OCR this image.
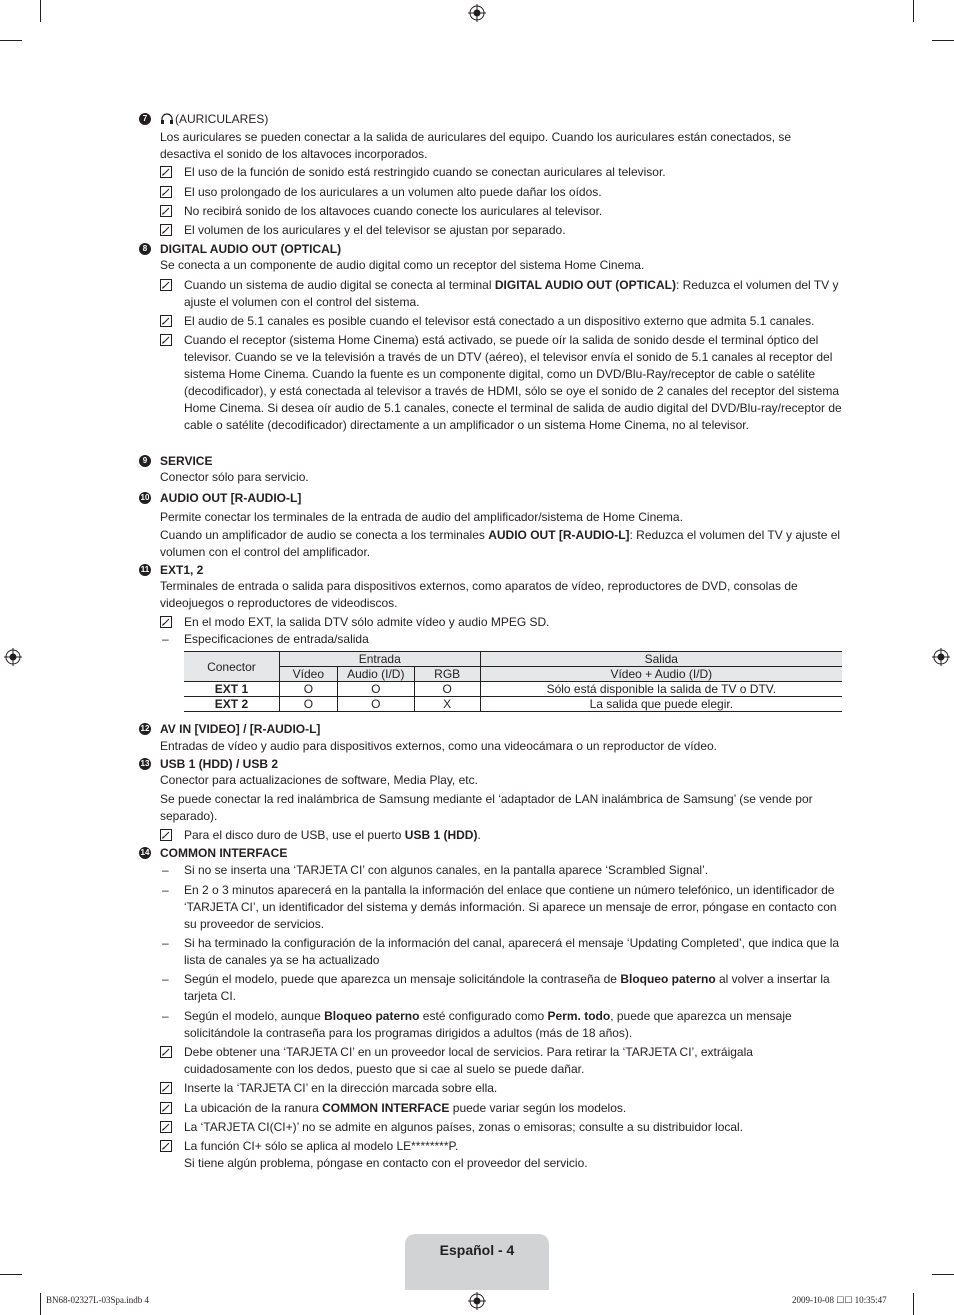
7	(AURICULARES)
Los auriculares se pueden conectar a la salida de auriculares del equipo. Cuando los auriculares están conectados, se desactiva el sonido de los altavoces incorporados.
El uso de la función de sonido está restringido cuando se conectan auriculares al televisor.
El uso prolongado de los auriculares a un volumen alto puede dañar los oídos.
No recibirá sonido de los altavoces cuando conecte los auriculares al televisor.
El volumen de los auriculares y el del televisor se ajustan por separado.
8	DIGITAL AUDIO OUT (OPTICAL)
Se conecta a un componente de audio digital como un receptor del sistema Home Cinema.
Cuando un sistema de audio digital se conecta al terminal DIGITAL AUDIO OUT (OPTICAL): Reduzca el volumen del TV y ajuste el volumen con el control del sistema.
El audio de 5.1 canales es posible cuando el televisor está conectado a un dispositivo externo que admita 5.1 canales.
Cuando el receptor (sistema Home Cinema) está activado, se puede oír la salida de sonido desde el terminal óptico del televisor. Cuando se ve la televisión a través de un DTV (aéreo), el televisor envía el sonido de 5.1 canales al receptor del sistema Home Cinema. Cuando la fuente es un componente digital, como un DVD/Blu-Ray/receptor de cable o satélite (decodificador), y está conectada al televisor a través de HDMI, sólo se oye el sonido de 2 canales del receptor del sistema Home Cinema. Si desea oír audio de 5.1 canales, conecte el terminal de salida de audio digital del DVD/Blu-ray/receptor de cable o satélite (decodificador) directamente a un amplificador o un sistema Home Cinema, no al televisor.
9	SERVICE
Conector sólo para servicio.
10 AUDIO OUT [R-AUDIO-L]
Permite conectar los terminales de la entrada de audio del amplificador/sistema de Home Cinema.
Cuando un amplificador de audio se conecta a los terminales AUDIO OUT [R-AUDIO-L]: Reduzca el volumen del TV y ajuste el volumen con el control del amplificador.
11 EXT1, 2
Terminales de entrada o salida para dispositivos externos, como aparatos de vídeo, reproductores de DVD, consolas de videojuegos o reproductores de videodiscos.
En el modo EXT, la salida DTV sólo admite vídeo y audio MPEG SD.
– Especificaciones de entrada/salida
Conector	Entrada			Salida
	Vídeo	Audio (I/D)	RGB	Vídeo + Audio (I/D)
EXT 1	O	O	O	Sólo está disponible la salida de TV o DTV.
EXT 2	O	O	X	La salida que puede elegir.
12 AV IN [VIDEO] / [R-AUDIO-L]
Entradas de vídeo y audio para dispositivos externos, como una videocámara o un reproductor de vídeo.
13 USB 1 (HDD) / USB 2
Conector para actualizaciones de software, Media Play, etc.
Se puede conectar la red inalámbrica de Samsung mediante el ‘adaptador de LAN inalámbrica de Samsung’ (se vende por separado).
Para el disco duro de USB, use el puerto USB 1 (HDD).
14 COMMON INTERFACE
– Si no se inserta una ‘TARJETA CI’ con algunos canales, en la pantalla aparece ‘Scrambled Signal’.
– En 2 o 3 minutos aparecerá en la pantalla la información del enlace que contiene un número telefónico, un identificador de ‘TARJETA CI’, un identificador del sistema y demás información. Si aparece un mensaje de error, póngase en contacto con su proveedor de servicios.
– Si ha terminado la configuración de la información del canal, aparecerá el mensaje ‘Updating Completed’, que indica que la lista de canales ya se ha actualizado
– Según el modelo, puede que aparezca un mensaje solicitándole la contraseña de Bloqueo paterno al volver a insertar la tarjeta CI.
– Según el modelo, aunque Bloqueo paterno esté configurado como Perm. todo, puede que aparezca un mensaje solicitándole la contraseña para los programas dirigidos a adultos (más de 18 años).
Debe obtener una ‘TARJETA CI’ en un proveedor local de servicios. Para retirar la ‘TARJETA CI’, extráigala cuidadosamente con los dedos, puesto que si cae al suelo se puede dañar.
Inserte la ‘TARJETA CI’ en la dirección marcada sobre ella.
La ubicación de la ranura COMMON INTERFACE puede variar según los modelos.
La ‘TARJETA CI(CI+)’ no se admite en algunos países, zonas o emisoras; consulte a su distribuidor local.
La función CI+ sólo se aplica al modelo LE********P.
Si tiene algún problema, póngase en contacto con el proveedor del servicio.
Español - 4
BN68-02327L-03Spa.indb 4	2009-10-08 ☐☐ 10:35:47
